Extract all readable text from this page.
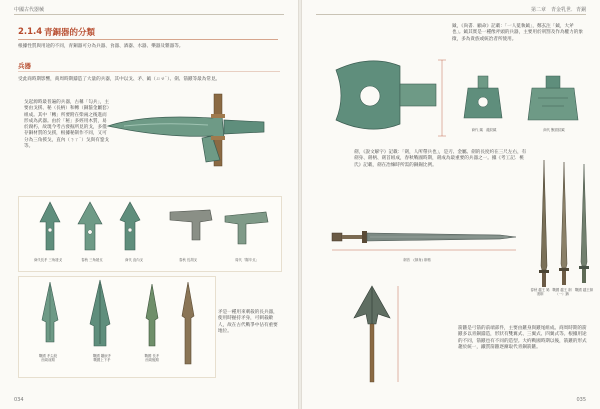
中國古代器械
2.1.4 青銅器的分類
根據性質與用途的不同，青銅器可分為兵器、食器、酒器、水器、樂器及雜器等。
兵器
受此商時期影響，商周時期鑄造了大量的兵器，其中以戈、矛、鉞（ㄩㄝˋ）、劍、箭鏃等最為常見。
戈起源時最普遍的兵器，古稱「勾兵」，主要由戈援、秘（長柄）和轉（銅箍金屬套）組成。其中「轉」所要附在柴兩之後進而形成為武器。由於「秘」多經用木質，易於腐朽，故現今考古發掘所見的戈，多僅存銅材質的戈援，根據秘制作不同，又可分為三角援戈，直內（ㄋㄚˋ）戈與有銎戈等。
商代長矛 三角援戈	春秋 三角援戈	商代 直內戈	春秋 長胡戈	周代「賜卒戈」
戰國 矛尖段
西周前期
戰國 鑲嵌矛
戰國上下矛
戰國 長矛
西周後期
矛是一種用來刺殺的長兵器，使用時握持矛身，可刺殺敵人，故在古代戰爭中佔有重要地位。
034
第二章　青金乳世．青銅
鉞，《尚書．顧命》記載：「一人冕執鉞」，鄭玄注「鉞，大斧也」。鉞其實是一種像斧頭的兵器，主要用於刑罰及作為權力的象徵，多為貴族或統治者所使用。
商代 鉞　龍紋鉞	商代 獸面紋鉞
劍，《說文解字》記載：「劍，人所帶兵也」，是刃、金屬。劍的長度約在三尺左右，有劍身、劍柄、劍首組成，春秋戰國時期，劍成為最重要的兵器之一。據《考工記．桃氏》記載，劍在冶煉時所需的銅錫比例。
劍首　(劍身) 劍格
春秋 越王 鳩淺劍
戰國 越王 劍（一）鑄
戰國 越王劍
箭鏃是弓箭的前端部件，主要由鏃身與鏃尾組成。商周時期的箭鏃多以青銅鑄造，形狀有雙翼式、三翼式、四翼式等。根據用途的不同，箭鏃也有不同的造型。大約戰國時期以後，箭鏃的形式趨於統一，鐵質箭鏃逐漸取代青銅箭鏃。
035
